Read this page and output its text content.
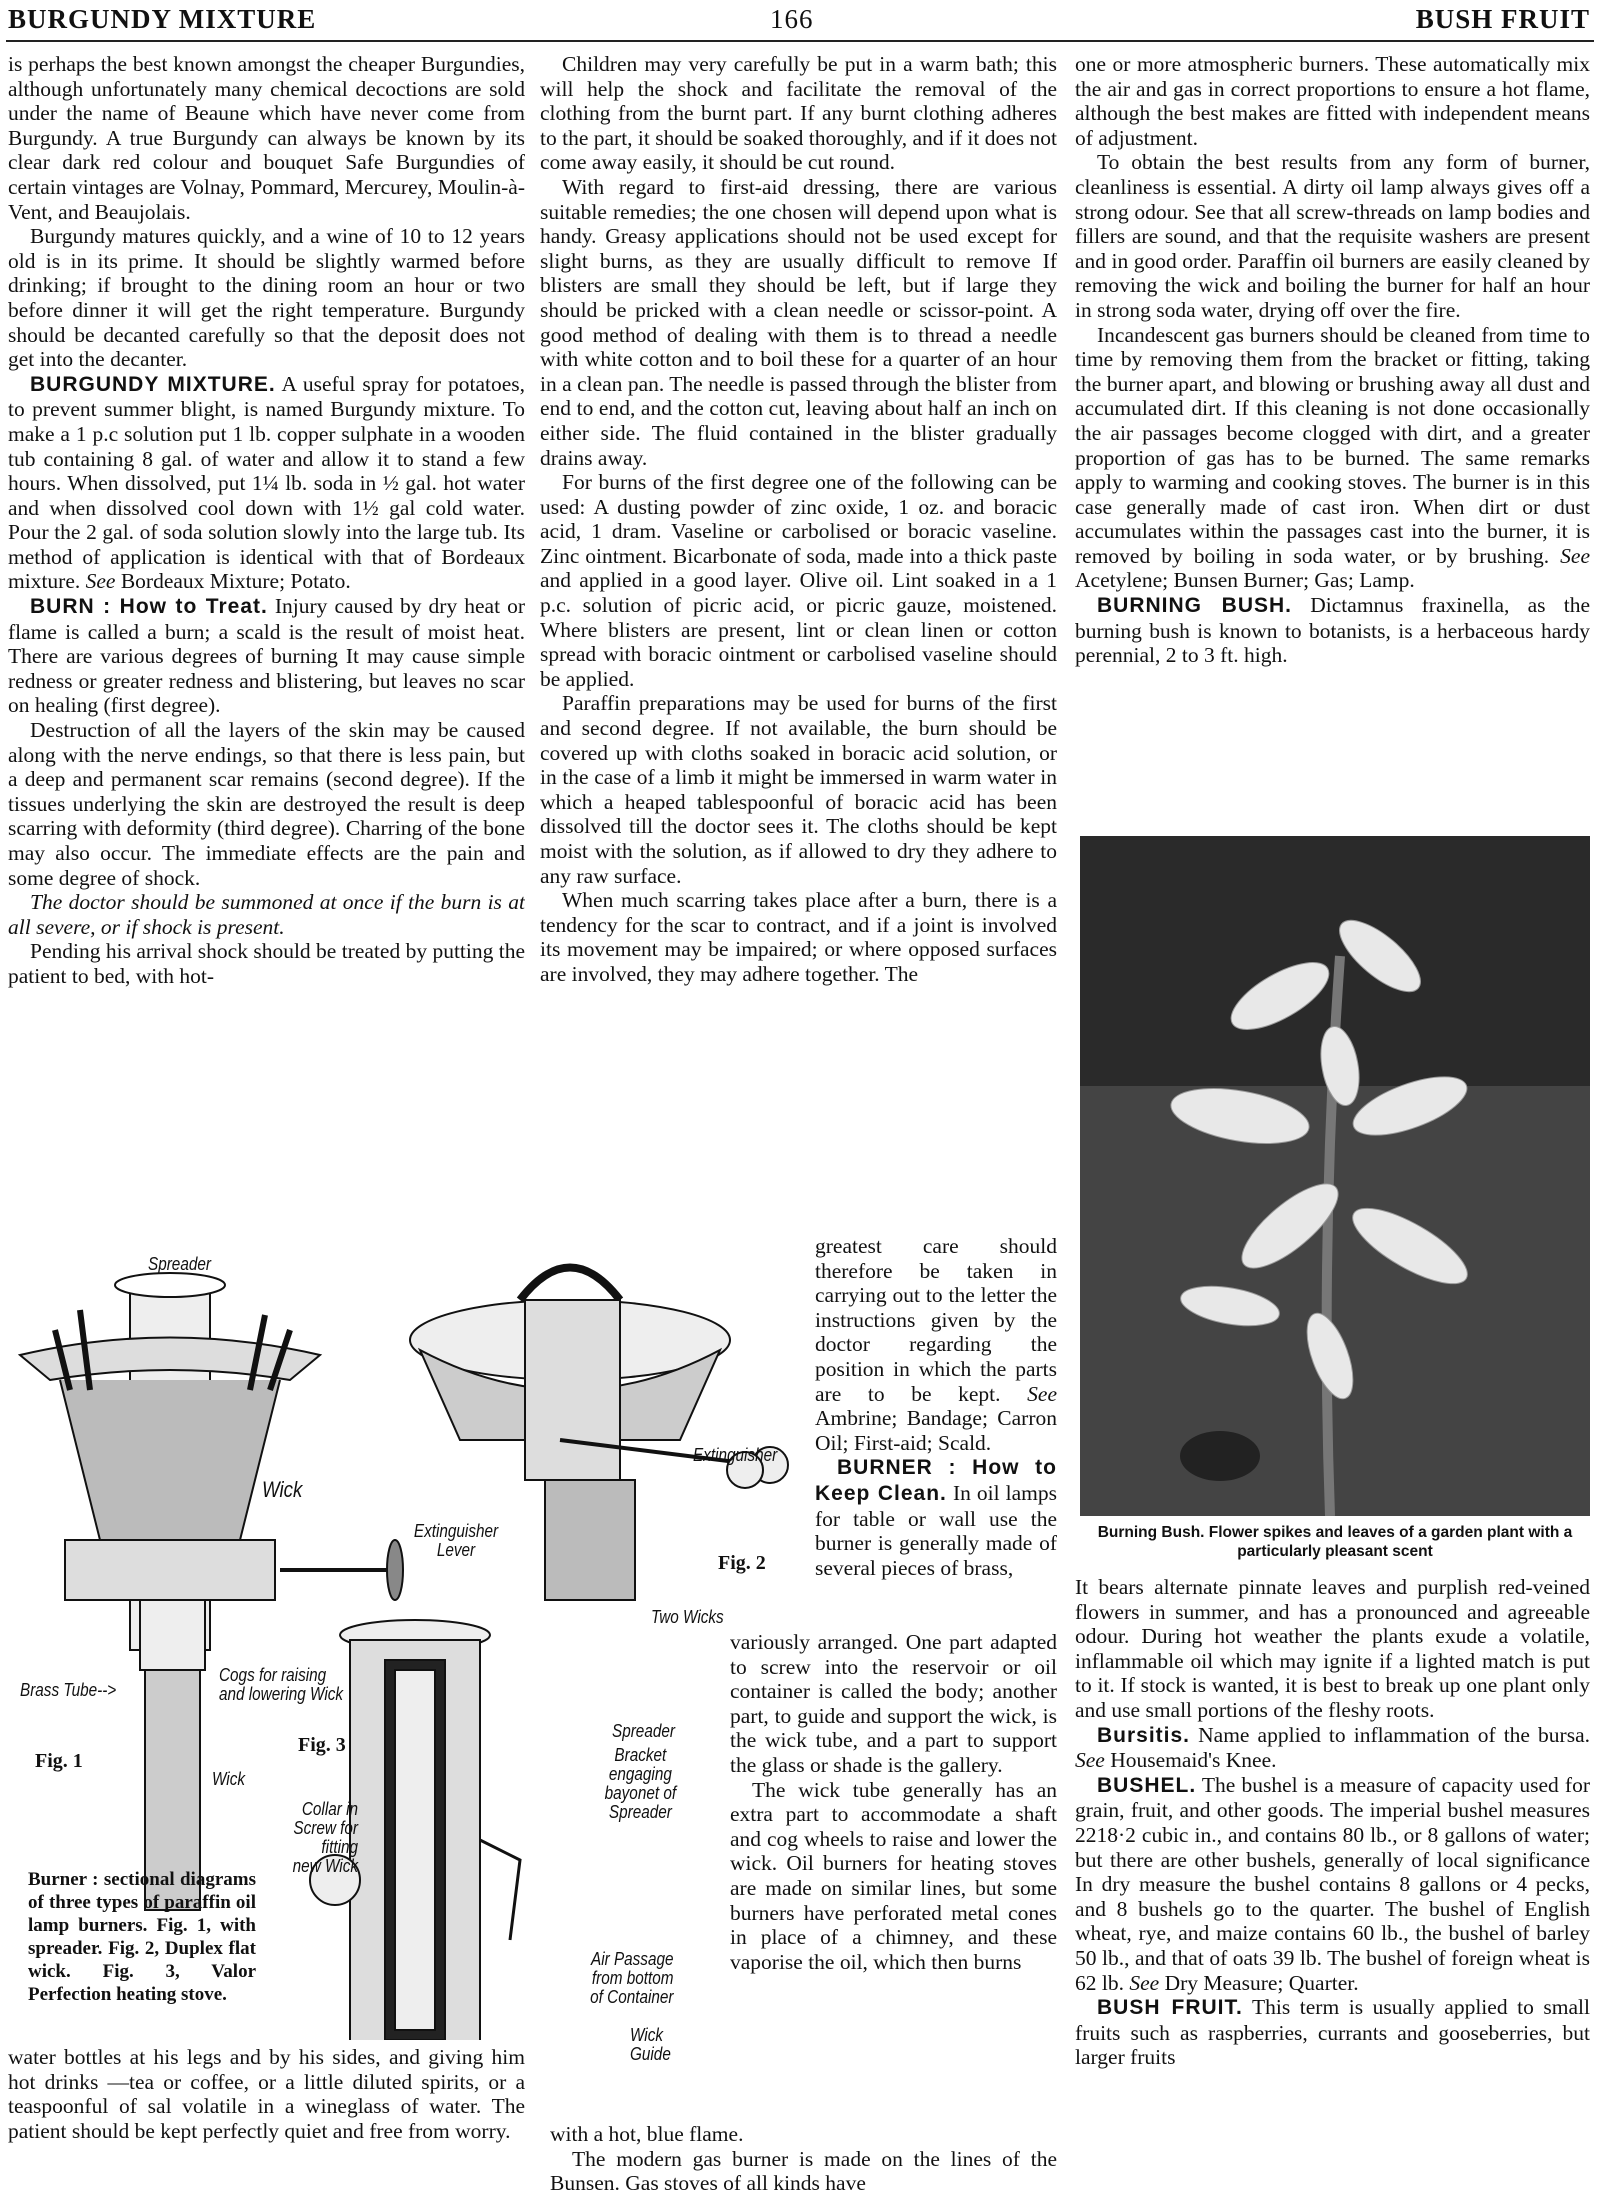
BURGUNDY MIXTURE	166	BUSH FRUIT

is perhaps the best known amongst the cheaper Burgundies, although unfortunately many chemical decoctions are sold under the name of Beaune which have never come from Burgundy. A true Burgundy can always be known by its clear dark red colour and bouquet Safe Burgundies of certain vintages are Volnay, Pommard, Mercurey, Moulin-à-Vent, and Beaujolais.

Burgundy matures quickly, and a wine of 10 to 12 years old is in its prime. It should be slightly warmed before drinking; if brought to the dining room an hour or two before dinner it will get the right temperature. Burgundy should be decanted carefully so that the deposit does not get into the decanter.

BURGUNDY MIXTURE. A useful spray for potatoes, to prevent summer blight, is named Burgundy mixture. To make a 1 p.c solution put 1 lb. copper sulphate in a wooden tub containing 8 gal. of water and allow it to stand a few hours. When dissolved, put 1¼ lb. soda in ½ gal. hot water and when dissolved cool down with 1½ gal cold water. Pour the 2 gal. of soda solution slowly into the large tub. Its method of application is identical with that of Bordeaux mixture. See Bordeaux Mixture; Potato.

BURN : How to Treat. Injury caused by dry heat or flame is called a burn; a scald is the result of moist heat. There are various degrees of burning It may cause simple redness or greater redness and blistering, but leaves no scar on healing (first degree).

Destruction of all the layers of the skin may be caused along with the nerve endings, so that there is less pain, but a deep and permanent scar remains (second degree). If the tissues underlying the skin are destroyed the result is deep scarring with deformity (third degree). Charring of the bone may also occur. The immediate effects are the pain and some degree of shock.

The doctor should be summoned at once if the burn is at all severe, or if shock is present.

Pending his arrival shock should be treated by putting the patient to bed, with hot-

water bottles at his legs and by his sides, and giving him hot drinks —tea or coffee, or a little diluted spirits, or a teaspoonful of sal volatile in a wineglass of water. The patient should be kept perfectly quiet and free from worry.

Children may very carefully be put in a warm bath; this will help the shock and facilitate the removal of the clothing from the burnt part. If any burnt clothing adheres to the part, it should be soaked thoroughly, and if it does not come away easily, it should be cut round.

With regard to first-aid dressing, there are various suitable remedies; the one chosen will depend upon what is handy. Greasy applications should not be used except for slight burns, as they are usually difficult to remove If blisters are small they should be left, but if large they should be pricked with a clean needle or scissor-point. A good method of dealing with them is to thread a needle with white cotton and to boil these for a quarter of an hour in a clean pan. The needle is passed through the blister from end to end, and the cotton cut, leaving about half an inch on either side. The fluid contained in the blister gradually drains away.

For burns of the first degree one of the following can be used: A dusting powder of zinc oxide, 1 oz. and boracic acid, 1 dram. Vaseline or carbolised or boracic vaseline. Zinc ointment. Bicarbonate of soda, made into a thick paste and applied in a good layer. Olive oil. Lint soaked in a 1 p.c. solution of picric acid, or picric gauze, moistened. Where blisters are present, lint or clean linen or cotton spread with boracic ointment or carbolised vaseline should be applied.

Paraffin preparations may be used for burns of the first and second degree. If not available, the burn should be covered up with cloths soaked in boracic acid solution, or in the case of a limb it might be immersed in warm water in which a heaped tablespoonful of boracic acid has been dissolved till the doctor sees it. The cloths should be kept moist with the solution, as if allowed to dry they adhere to any raw surface.

When much scarring takes place after a burn, there is a tendency for the scar to contract, and if a joint is involved its movement may be impaired; or where opposed surfaces are involved, they may adhere together. The

greatest care should therefore be taken in carrying out to the letter the instructions given by the doctor regarding the position in which the parts are to be kept. See Ambrine; Bandage; Carron Oil; First-aid; Scald.

BURNER : How to Keep Clean. In oil lamps for table or wall use the burner is generally made of several pieces of brass,

variously arranged. One part adapted to screw into the reservoir or oil container is called the body; another part, to guide and support the wick, is the wick tube, and a part to support the glass or shade is the gallery.

The wick tube generally has an extra part to accommodate a shaft and cog wheels to raise and lower the wick. Oil burners for heating stoves are made on similar lines, but some burners have perforated metal cones in place of a chimney, and these vaporise the oil, which then burns

with a hot, blue flame.

The modern gas burner is made on the lines of the Bunsen. Gas stoves of all kinds have

one or more atmospheric burners. These automatically mix the air and gas in correct proportions to ensure a hot flame, although the best makes are fitted with independent means of adjustment.

To obtain the best results from any form of burner, cleanliness is essential. A dirty oil lamp always gives off a strong odour. See that all screw-threads on lamp bodies and fillers are sound, and that the requisite washers are present and in good order. Paraffin oil burners are easily cleaned by removing the wick and boiling the burner for half an hour in strong soda water, drying off over the fire.

Incandescent gas burners should be cleaned from time to time by removing them from the bracket or fitting, taking the burner apart, and blowing or brushing away all dust and accumulated dirt. If this cleaning is not done occasionally the air passages become clogged with dirt, and a greater proportion of gas has to be burned. The same remarks apply to warming and cooking stoves. The burner is in this case generally made of cast iron. When dirt or dust accumulates within the passages cast into the burner, it is removed by boiling in soda water, or by brushing. See Acetylene; Bunsen Burner; Gas; Lamp.

BURNING BUSH. Dictamnus fraxinella, as the burning bush is known to botanists, is a herbaceous hardy perennial, 2 to 3 ft. high.

It bears alternate pinnate leaves and purplish red-veined flowers in summer, and has a pronounced and agreeable odour. During hot weather the plants exude a volatile, inflammable oil which may ignite if a lighted match is put to it. If stock is wanted, it is best to break up one plant only and use small portions of the fleshy roots.

Bursitis. Name applied to inflammation of the bursa. See Housemaid's Knee.

BUSHEL. The bushel is a measure of capacity used for grain, fruit, and other goods. The imperial bushel measures 2218·2 cubic in., and contains 80 lb., or 8 gallons of water; but there are other bushels, generally of local significance In dry measure the bushel contains 8 gallons or 4 pecks, and 8 bushels go to the quarter. The bushel of English wheat, rye, and maize contains 60 lb., the bushel of barley 50 lb., and that of oats 39 lb. The bushel of foreign wheat is 62 lb. See Dry Measure; Quarter.

BUSH FRUIT. This term is usually applied to small fruits such as raspberries, currants and gooseberries, but larger fruits

Spreader
Wick
Extinguisher Lever
Extinguisher
Fig. 2
Two Wicks
Brass Tube-->
Cogs for raising and lowering Wick
Fig. 3
Fig. 1
Wick
Spreader
Bracket engaging bayonet of Spreader
Collar in Screw for fitting new Wick
Air Passage from bottom of Container
Wick Guide
Burner : sectional diagrams of three types of paraffin oil lamp burners. Fig. 1, with spreader. Fig. 2, Duplex flat wick. Fig. 3, Valor Perfection heating stove.
Burning Bush. Flower spikes and leaves of a garden plant with a particularly pleasant scent
